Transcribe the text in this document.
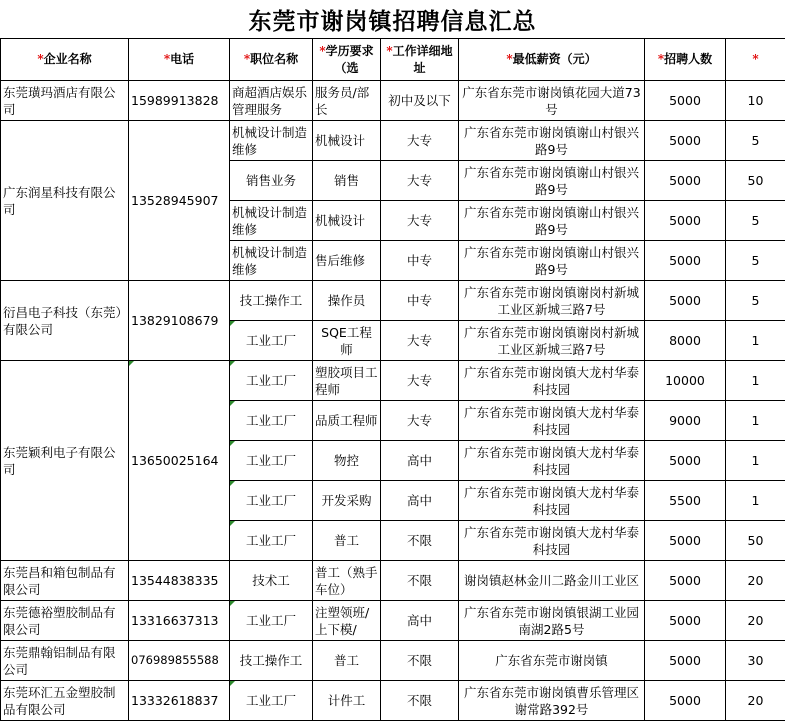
东莞市谢岗镇招聘信息汇总
*企业名称	*电话	*职位名称	*学历要求（选	*工作详细地址	*最低薪资（元）	*招聘人数	*
东莞璜玛酒店有限公司	15989913828	商超酒店娱乐管理服务	服务员/部长	初中及以下	广东省东莞市谢岗镇花园大道73号	5000	10
广东润星科技有限公司	13528945907	机械设计制造维修	机械设计	大专	广东省东莞市谢岗镇谢山村银兴路9号	5000	5
		销售业务	销售	大专	广东省东莞市谢岗镇谢山村银兴路9号	5000	50
		机械设计制造维修	机械设计	大专	广东省东莞市谢岗镇谢山村银兴路9号	5000	5
		机械设计制造维修	售后维修	中专	广东省东莞市谢岗镇谢山村银兴路9号	5000	5
衍昌电子科技（东莞）有限公司	13829108679	技工操作工	操作员	中专	广东省东莞市谢岗镇谢岗村新城工业区新城三路7号	5000	5
		工业工厂	SQE工程师	大专	广东省东莞市谢岗镇谢岗村新城工业区新城三路7号	8000	1
东莞颖利电子有限公司	13650025164	工业工厂	塑胶项目工程师	大专	广东省东莞市谢岗镇大龙村华泰科技园	10000	1
		工业工厂	品质工程师	大专	广东省东莞市谢岗镇大龙村华泰科技园	9000	1
		工业工厂	物控	高中	广东省东莞市谢岗镇大龙村华泰科技园	5000	1
		工业工厂	开发采购	高中	广东省东莞市谢岗镇大龙村华泰科技园	5500	1
		工业工厂	普工	不限	广东省东莞市谢岗镇大龙村华泰科技园	5000	50
东莞昌和箱包制品有限公司	13544838335	技术工	普工（熟手车位）	不限	谢岗镇赵林金川二路金川工业区	5000	20
东莞德裕塑胶制品有限公司	13316637313	工业工厂	注塑领班/上下模/	高中	广东省东莞市谢岗镇银湖工业园南湖2路5号	5000	20
东莞鼎翰铝制品有限公司	076989855588	技工操作工	普工	不限	广东省东莞市谢岗镇	5000	30
东莞环汇五金塑胶制品有限公司	13332618837	工业工厂	计件工	不限	广东省东莞市谢岗镇曹乐管理区谢常路392号	5000	20
